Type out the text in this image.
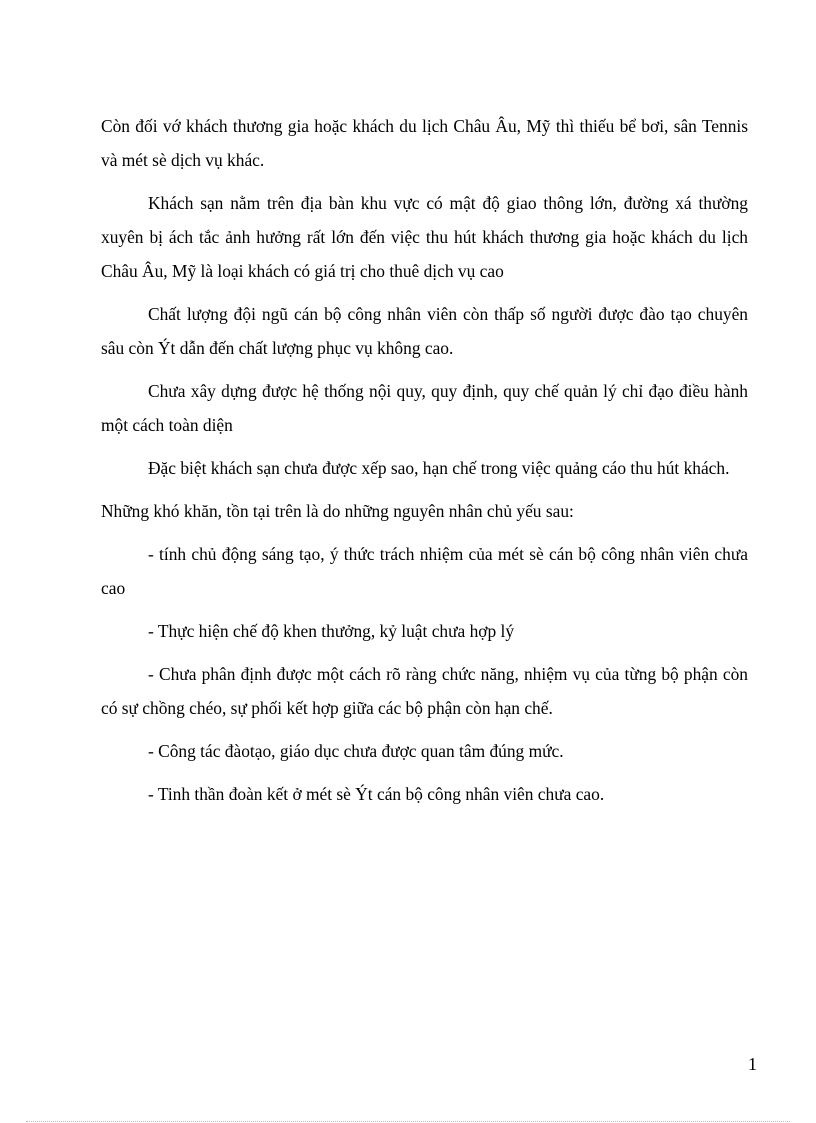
Còn đối vớ khách thương gia hoặc khách du lịch Châu Âu, Mỹ thì thiếu bể bơi, sân Tennis và mét sè dịch vụ khác.

Khách sạn nằm trên địa bàn khu vực có mật độ giao thông lớn, đường xá thường xuyên bị ách tắc ảnh hưởng rất lớn đến việc thu hút khách thương gia hoặc khách du lịch Châu Âu, Mỹ là loại khách có giá trị cho thuê dịch vụ cao

Chất lượng đội ngũ cán bộ công nhân viên còn thấp số người được đào tạo chuyên sâu còn Ýt dẫn đến chất lượng phục vụ không cao.

Chưa xây dựng được hệ thống nội quy, quy định, quy chế quản lý chỉ đạo điều hành một cách toàn diện

Đặc biệt khách sạn chưa được xếp sao, hạn chế trong việc quảng cáo thu hút khách.

Những khó khăn, tồn tại trên là do những nguyên nhân chủ yếu sau:

- tính chủ động sáng tạo, ý thức trách nhiệm của mét sè cán bộ công nhân viên chưa cao

- Thực hiện chế độ khen thưởng, kỷ luật chưa hợp lý

- Chưa phân định được một cách rõ ràng chức năng, nhiệm vụ của từng bộ phận còn có sự chồng chéo, sự phối kết hợp giữa các bộ phận còn hạn chế.

- Công tác đàotạo, giáo dục chưa được quan tâm đúng mức.

- Tinh thần đoàn kết ở mét sè Ýt cán bộ công nhân viên chưa cao.

1
